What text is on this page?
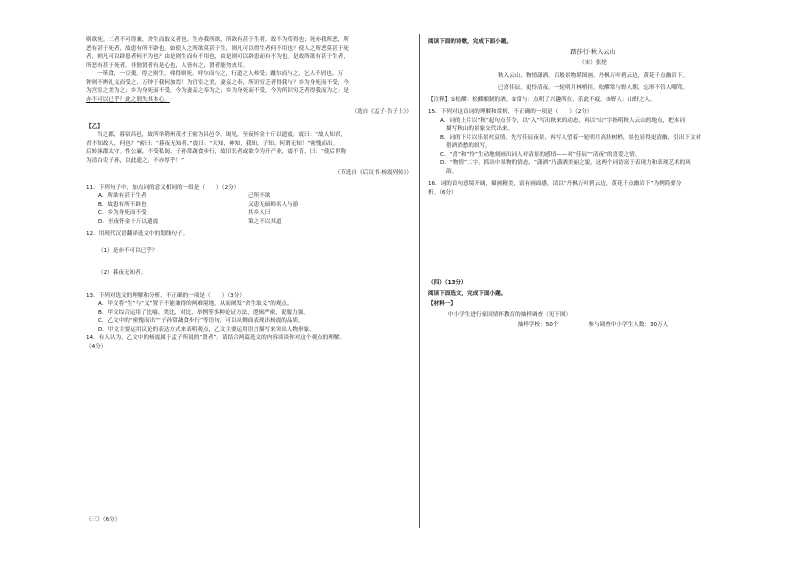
则欲死。二者不可得兼，舍生而取义者也。生亦我所欲，所欲有甚于生者，故不为苟得也；死亦我所恶，所

恶有甚于死者，故患有所不辟也。如使人之所欲莫甚于生，则凡可以得生者何不用也？使人之所恶莫甚于死

者，则凡可以辟患者何不为也？由是则生而有不用也，由是则可以辟患而有不为也。是故所欲有甚于生者，

所恶有甚于死者。非独贤者有是心也，人皆有之，贤者能勿丧耳。

一箪食，一豆羹，得之则生，弗得则死。呼尔而与之，行道之人弗受；蹴尔而与之，乞人不屑也。万

钟则不辨礼义而受之，万钟于我何加焉！为宫室之美，妻妾之奉，所识穷乏者得我与？乡为身死而不受，今

为宫室之美为之；乡为身死而不受，今为妻妾之奉为之；乡为身死而不受，今为所识穷乏者得我而为之：是

亦不可以已乎？此之谓失其本心。

（选自《孟子·告子上》）

【乙】

当之郡，暮宿昌邑，故所举荆州茂才王密为昌邑令，谒见，至夜怀金十斤以遗震。震曰：“故人知君，

君不知故人，何也？”密曰：“暮夜无知者。”震曰：“天知，神知，我知，子知。何谓无知！”密愧而出。

后转涿郡太守。性公廉，不受私谒。子孙常蔬食步行，故旧长者或欲令为开产业，震不肯，曰：“使后世称

为清白吏子孙，以此遗之，不亦厚乎！”

（节选自《后汉书·杨震列传》）

11．下列句子中，加点词的意义相同的一组是（　　）（2分）

A．所欲有甚于生者	己所不欲
B．故患有所不辟也	又患无硕师名人与游
C．乡为身死而不受	其乡人曰
D．至夜怀金十斤以遗震	策之不以其道

12．用现代汉语翻译选文中的划线句子。

（1）是亦不可以已乎？

（2）暮夜无知者。

13．下列对选文的理解和分析，不正确的一项是（　　）（3分）

A．甲文将“生”与“义”置于不能兼得的两难境地，从而阐发“舍生取义”的观点。

B．甲文综合运用了比喻、类比、对比、举例等多种论证方法，逻辑严密，说服力强。

C．乙文中的“密愧而出”“子孙常蔬食步行”等语句，可以从侧面表现出杨震的品质。

D．甲文主要运用议论的表达方式来表明观点，乙文主要运用语言描写来突出人物形象。

14．有人认为，乙文中的杨震属于孟子所说的“贤者”。请结合两篇选文的内容谈谈你对这个观点的理解。

（4分）

（三）（6分）

阅读下面的诗歌，完成下面小题。

踏莎行·秋入云山

（宋）张抡

秋入云山，物情潇洒。百般景物堪图画。丹枫万叶碧云边，黄花千点幽岩下。

已喜佳辰，更怜清夜。一轮明月林梢挂。松醪常与野人期，忘形不管人嘲骂。

【注释】①松醪：松醪酿制的酒。②常与：点明了兴趣所在，乐此不疲。③野人：山野之人。

15．下列对这首词的理解和赏析，不正确的一项是（　　）（2分）

A．词的上片以“秋”起句点节令，以“入”写出秋来的动态，再以“山”字指明秋人云山的地点，把本词

描写秋山的景象交代出来。

B．词的下片以乐景衬哀情。先写佳辰夜景，再写人望着一轮明月高挂树梢，景色显得更清幽，引出下文对

借酒消愁的叙写。

C．“喜”和“怜”生动地刻画出词人对清景的感情——对“佳辰”“清夜”的喜爱之情。

D．“物情”二字，抓出中景物的情态，“潇洒”乃潇洒美丽之貌，这两个词语富于表现力和表现艺术的风

韵。

16．词的首句意境开阔，描画精美，富有画面感，请以“丹枫万叶碧云边，黄花千点幽岩下”为例简要分

析。（6分）

（四）（13分）

阅读下面选文，完成下面小题。

【材料一】

中小学生进行家国情怀教育的抽样调查（见下图）

抽样学校：50个	参与调查中小学生人数：30万人
